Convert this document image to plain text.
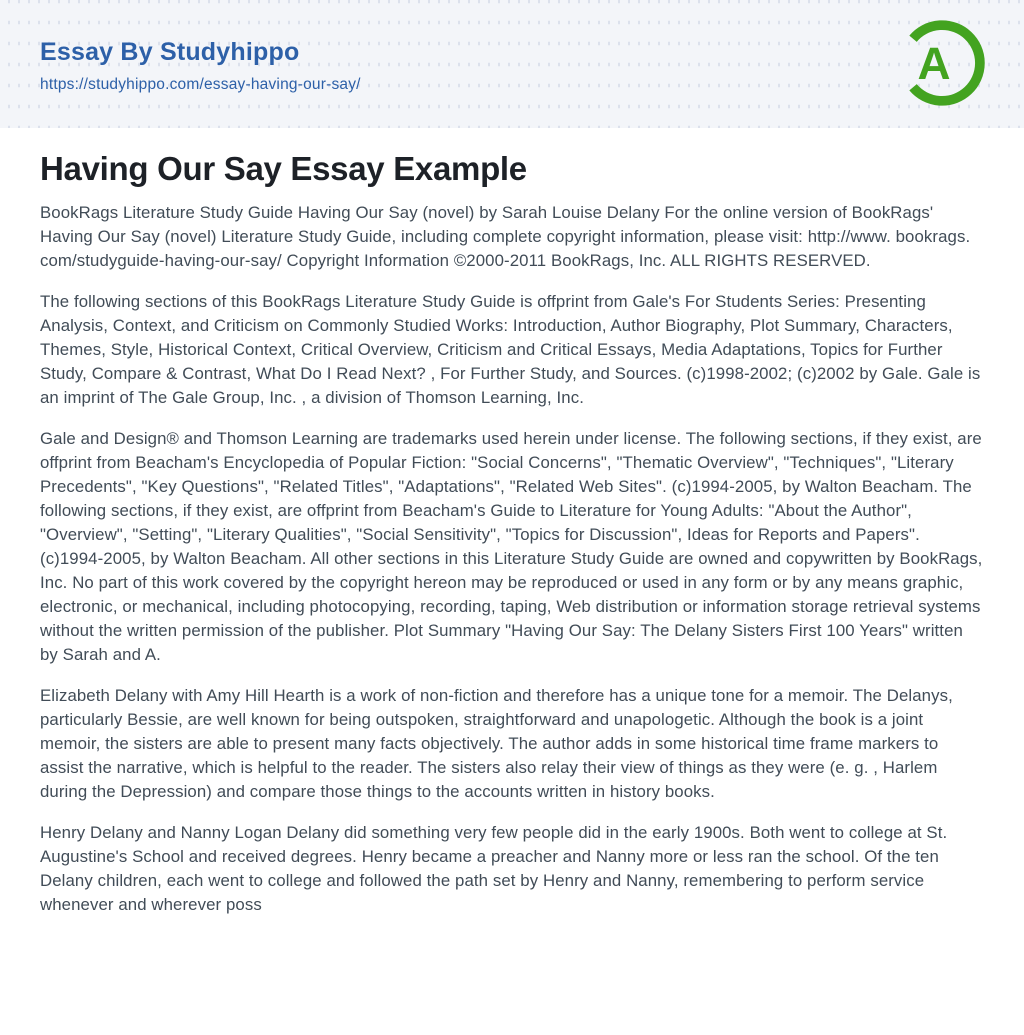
Essay By Studyhippo
https://studyhippo.com/essay-having-our-say/	A
Having Our Say Essay Example

BookRags Literature Study Guide Having Our Say (novel) by Sarah Louise Delany For the online version of BookRags' Having Our Say (novel) Literature Study Guide, including complete copyright information, please visit: http://www. bookrags. com/studyguide-having-our-say/ Copyright Information ©2000-2011 BookRags, Inc. ALL RIGHTS RESERVED.

The following sections of this BookRags Literature Study Guide is offprint from Gale's For Students Series: Presenting Analysis, Context, and Criticism on Commonly Studied Works: Introduction, Author Biography, Plot Summary, Characters, Themes, Style, Historical Context, Critical Overview, Criticism and Critical Essays, Media Adaptations, Topics for Further Study, Compare & Contrast, What Do I Read Next? , For Further Study, and Sources. (c)1998-2002; (c)2002 by Gale. Gale is an imprint of The Gale Group, Inc. , a division of Thomson Learning, Inc.

Gale and Design® and Thomson Learning are trademarks used herein under license. The following sections, if they exist, are offprint from Beacham's Encyclopedia of Popular Fiction: "Social Concerns", "Thematic Overview", "Techniques", "Literary Precedents", "Key Questions", "Related Titles", "Adaptations", "Related Web Sites". (c)1994-2005, by Walton Beacham. The following sections, if they exist, are offprint from Beacham's Guide to Literature for Young Adults: "About the Author", "Overview", "Setting", "Literary Qualities", "Social Sensitivity", "Topics for Discussion", Ideas for Reports and Papers". (c)1994-2005, by Walton Beacham. All other sections in this Literature Study Guide are owned and copywritten by BookRags, Inc. No part of this work covered by the copyright hereon may be reproduced or used in any form or by any means graphic, electronic, or mechanical, including photocopying, recording, taping, Web distribution or information storage retrieval systems without the written permission of the publisher. Plot Summary "Having Our Say: The Delany Sisters First 100 Years" written by Sarah and A.

Elizabeth Delany with Amy Hill Hearth is a work of non-fiction and therefore has a unique tone for a memoir. The Delanys, particularly Bessie, are well known for being outspoken, straightforward and unapologetic. Although the book is a joint memoir, the sisters are able to present many facts objectively. The author adds in some historical time frame markers to assist the narrative, which is helpful to the reader. The sisters also relay their view of things as they were (e. g. , Harlem during the Depression) and compare those things to the accounts written in history books.

Henry Delany and Nanny Logan Delany did something very few people did in the early 1900s. Both went to college at St. Augustine's School and received degrees. Henry became a preacher and Nanny more or less ran the school. Of the ten Delany children, each went to college and followed the path set by Henry and Nanny, remembering to perform service whenever and wherever poss
